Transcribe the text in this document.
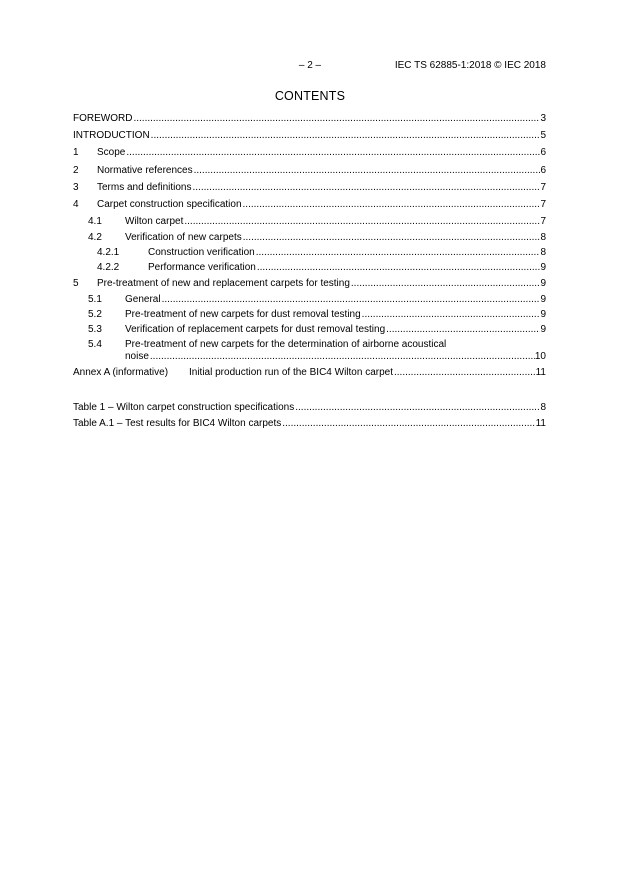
– 2 –	IEC TS 62885-1:2018 © IEC 2018
CONTENTS
FOREWORD .....	3
INTRODUCTION .....	5
1 Scope .....	6
2 Normative references .....	6
3 Terms and definitions .....	7
4 Carpet construction specification .....	7
4.1 Wilton carpet .....	7
4.2 Verification of new carpets .....	8
4.2.1	Construction verification .....	8
4.2.2	Performance verification .....	9
5 Pre-treatment of new and replacement carpets for testing .....	9
5.1 General .....	9
5.2 Pre-treatment of new carpets for dust removal testing .....	9
5.3 Verification of replacement carpets for dust removal testing .....	9
5.4 Pre-treatment of new carpets for the determination of airborne acoustical
noise .....	10
Annex A (informative) Initial production run of the BIC4 Wilton carpet .....	11
Table 1 – Wilton carpet construction specifications .....	8
Table A.1 – Test results for BIC4 Wilton carpets .....	11
